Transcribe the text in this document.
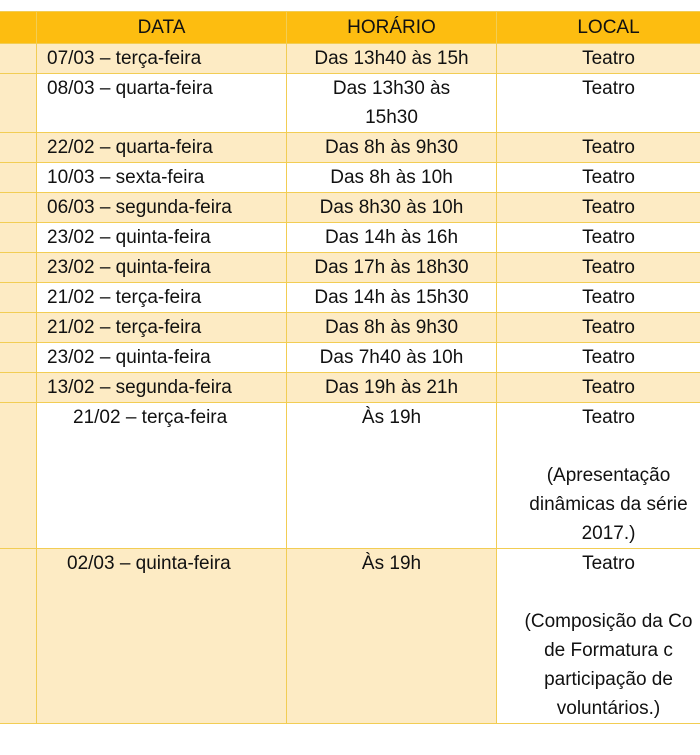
	DATA	HORÁRIO	LOCAL
	07/03 – terça-feira	Das 13h40 às 15h	Teatro
	08/03 – quarta-feira	Das 13h30 às 15h30	Teatro
	22/02 – quarta-feira	Das 8h às 9h30	Teatro
	10/03 – sexta-feira	Das 8h às 10h	Teatro
	06/03 – segunda-feira	Das 8h30 às 10h	Teatro
	23/02 – quinta-feira	Das 14h às 16h	Teatro
	23/02 – quinta-feira	Das 17h às 18h30	Teatro
	21/02 – terça-feira	Das 14h às 15h30	Teatro
	21/02 – terça-feira	Das 8h às 9h30	Teatro
	23/02 – quinta-feira	Das 7h40 às 10h	Teatro
	13/02 – segunda-feira	Das 19h às 21h	Teatro
	21/02 – terça-feira	Às 19h	Teatro
(Apresentação
dinâmicas da série
2017.)

	02/03 – quinta-feira	Às 19h	Teatro
(Composição da Co
de Formatura c
participação de
voluntários.)
